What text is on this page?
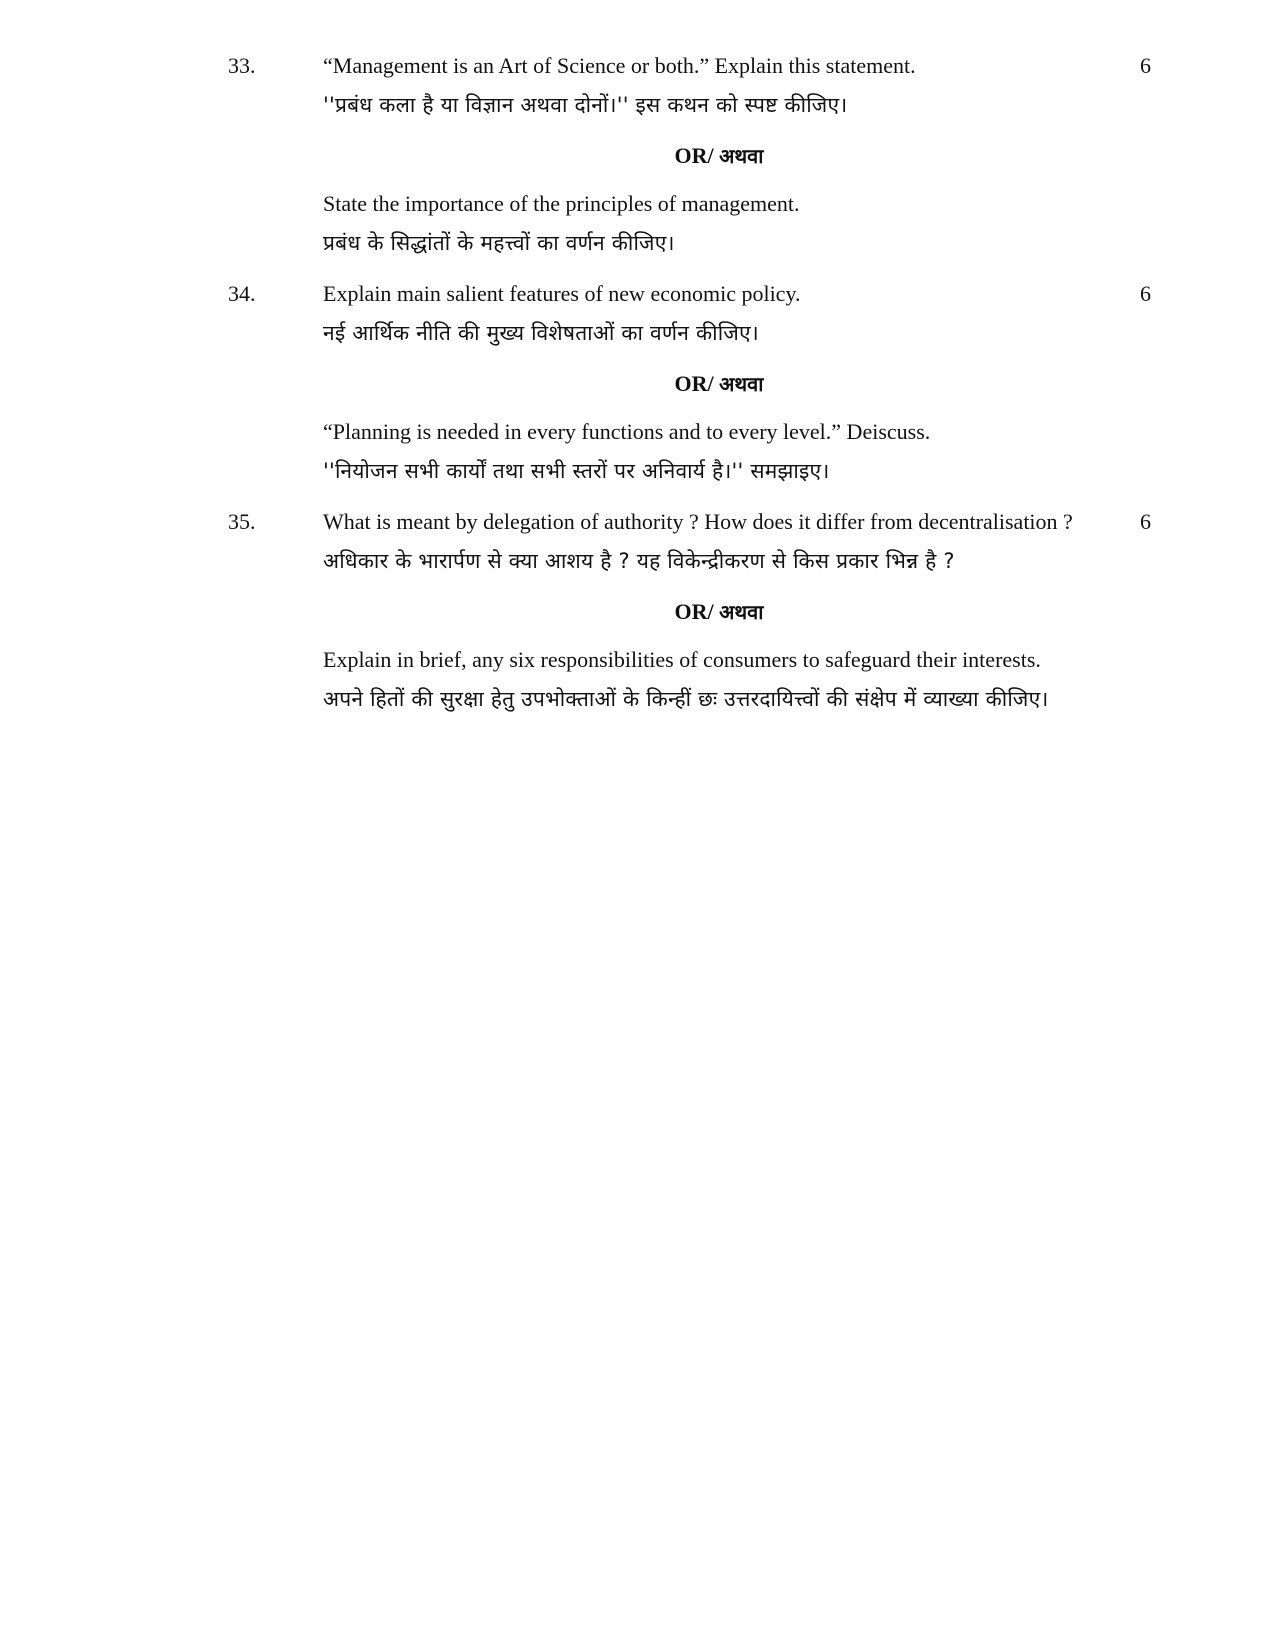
33.	“Management is an Art of Science or both.” Explain this statement.	6
''प्रबंध कला है या विज्ञान अथवा दोनों।'' इस कथन को स्पष्ट कीजिए।
OR/ अथवा
State the importance of the principles of management.
प्रबंध के सिद्धांतों के महत्त्वों का वर्णन कीजिए।
34.	Explain main salient features of new economic policy.	6
नई आर्थिक नीति की मुख्य विशेषताओं का वर्णन कीजिए।
OR/ अथवा
“Planning is needed in every functions and to every level.” Deiscuss.
''नियोजन सभी कार्यों तथा सभी स्तरों पर अनिवार्य है।'' समझाइए।
35.	What is meant by delegation of authority ? How does it differ from decentralisation ?	6
अधिकार के भारार्पण से क्या आशय है ? यह विकेन्द्रीकरण से किस प्रकार भिन्न है ?
OR/ अथवा
Explain in brief, any six responsibilities of consumers to safeguard their interests.
अपने हितों की सुरक्षा हेतु उपभोक्ताओं के किन्हीं छः उत्तरदायित्त्वों की संक्षेप में व्याख्या कीजिए।
